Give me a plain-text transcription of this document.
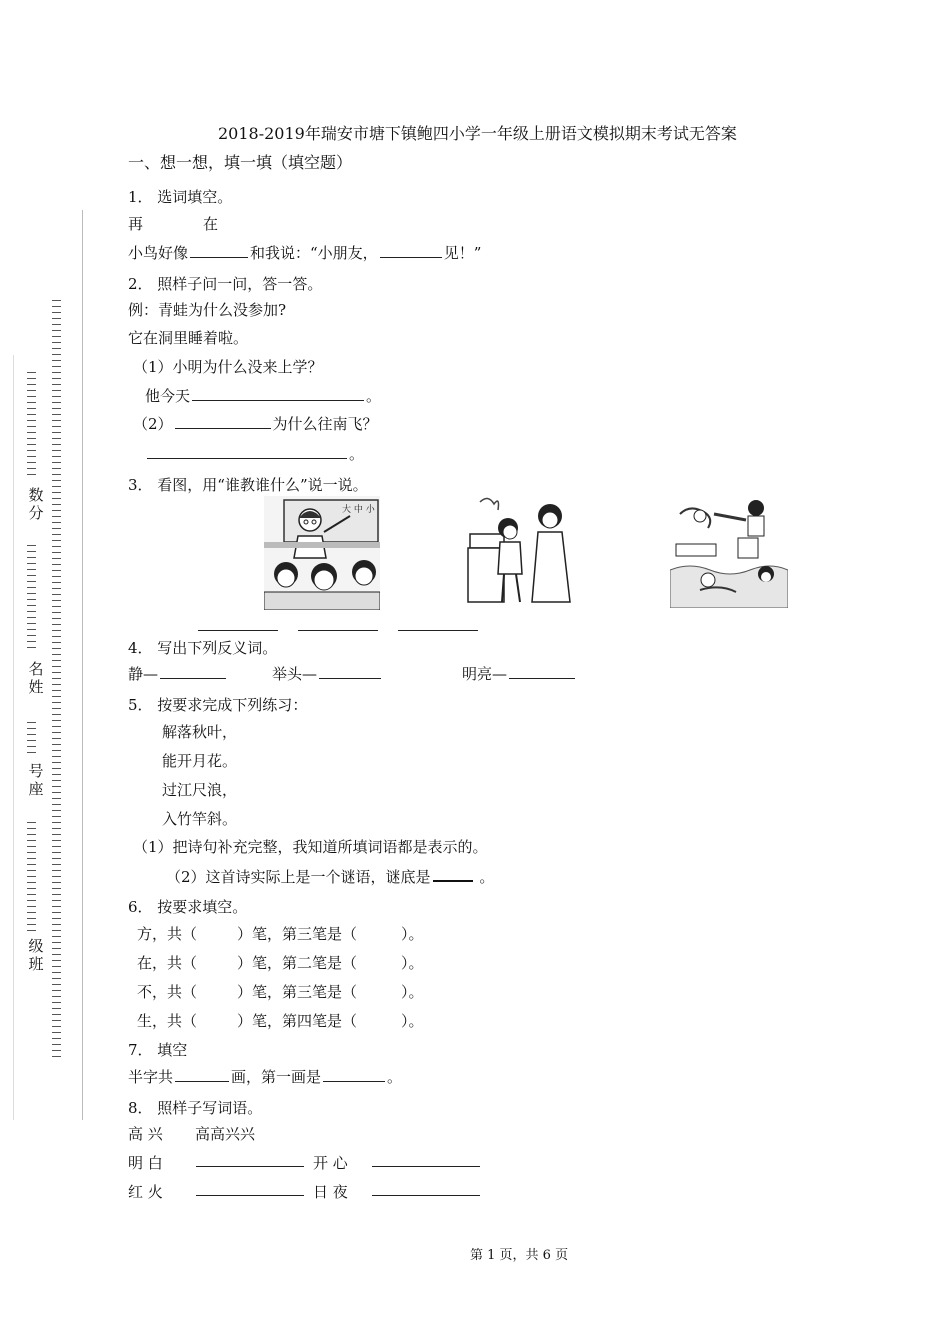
数
分
名
姓
号
座
级
班
2018-2019年瑞安市塘下镇鲍四小学一年级上册语文模拟期末考试无答案
一、想一想，填一填（填空题）
1． 选词填空。
再	在
小鸟好像	和我说：“小朋友，	见！”
2． 照样子问一问，答一答。
例：青蛙为什么没参加?
它在洞里睡着啦。
（1）小明为什么没来上学？
他今天	。
（2）	为什么往南飞？
。
3． 看图，用“谁教谁什么”说一说。
大 中 小
4． 写出下列反义词。
静—	举头—	明亮—
5． 按要求完成下列练习：
解落秋叶，
能开月花。
过江尺浪，
入竹竿斜。
（1）把诗句补充完整，我知道所填词语都是表示的。
（2）这首诗实际上是一个谜语，谜底是	。
6． 按要求填空。
方，共（	）笔，第三笔是（	）。
在，共（	）笔，第二笔是（	）。
不，共（	）笔，第三笔是（	）。
生，共（	）笔，第四笔是（	）。
7． 填空
半字共	画，第一画是	。
8． 照样子写词语。
高 兴 高高兴兴
明 白	开 心
红 火	日 夜
第 1 页，共 6 页
